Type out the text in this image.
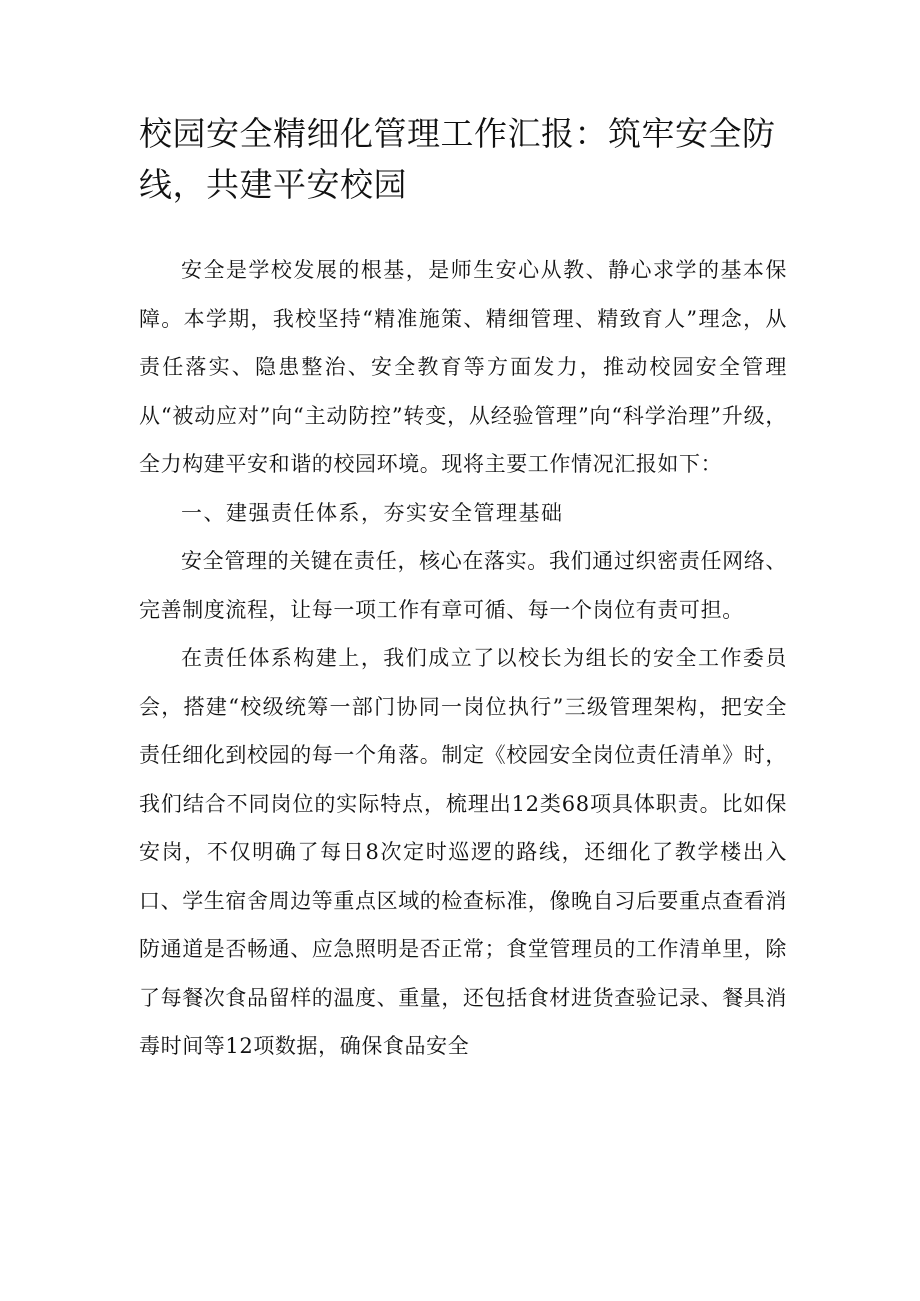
校园安全精细化管理工作汇报：筑牢安全防线，共建平安校园

安全是学校发展的根基，是师生安心从教、静心求学的基本保障。本学期，我校坚持“精准施策、精细管理、精致育人”理念，从责任落实、隐患整治、安全教育等方面发力，推动校园安全管理从“被动应对”向“主动防控”转变，从经验管理”向“科学治理”升级，全力构建平安和谐的校园环境。现将主要工作情况汇报如下：

一、建强责任体系，夯实安全管理基础

安全管理的关键在责任，核心在落实。我们通过织密责任网络、完善制度流程，让每一项工作有章可循、每一个岗位有责可担。

在责任体系构建上，我们成立了以校长为组长的安全工作委员会，搭建“校级统筹一部门协同一岗位执行”三级管理架构，把安全责任细化到校园的每一个角落。制定《校园安全岗位责任清单》时，我们结合不同岗位的实际特点，梳理出12类68项具体职责。比如保安岗，不仅明确了每日8次定时巡逻的路线，还细化了教学楼出入口、学生宿舍周边等重点区域的检查标准，像晚自习后要重点查看消防通道是否畅通、应急照明是否正常；食堂管理员的工作清单里，除了每餐次食品留样的温度、重量，还包括食材进货查验记录、餐具消毒时间等12项数据，确保食品安全
